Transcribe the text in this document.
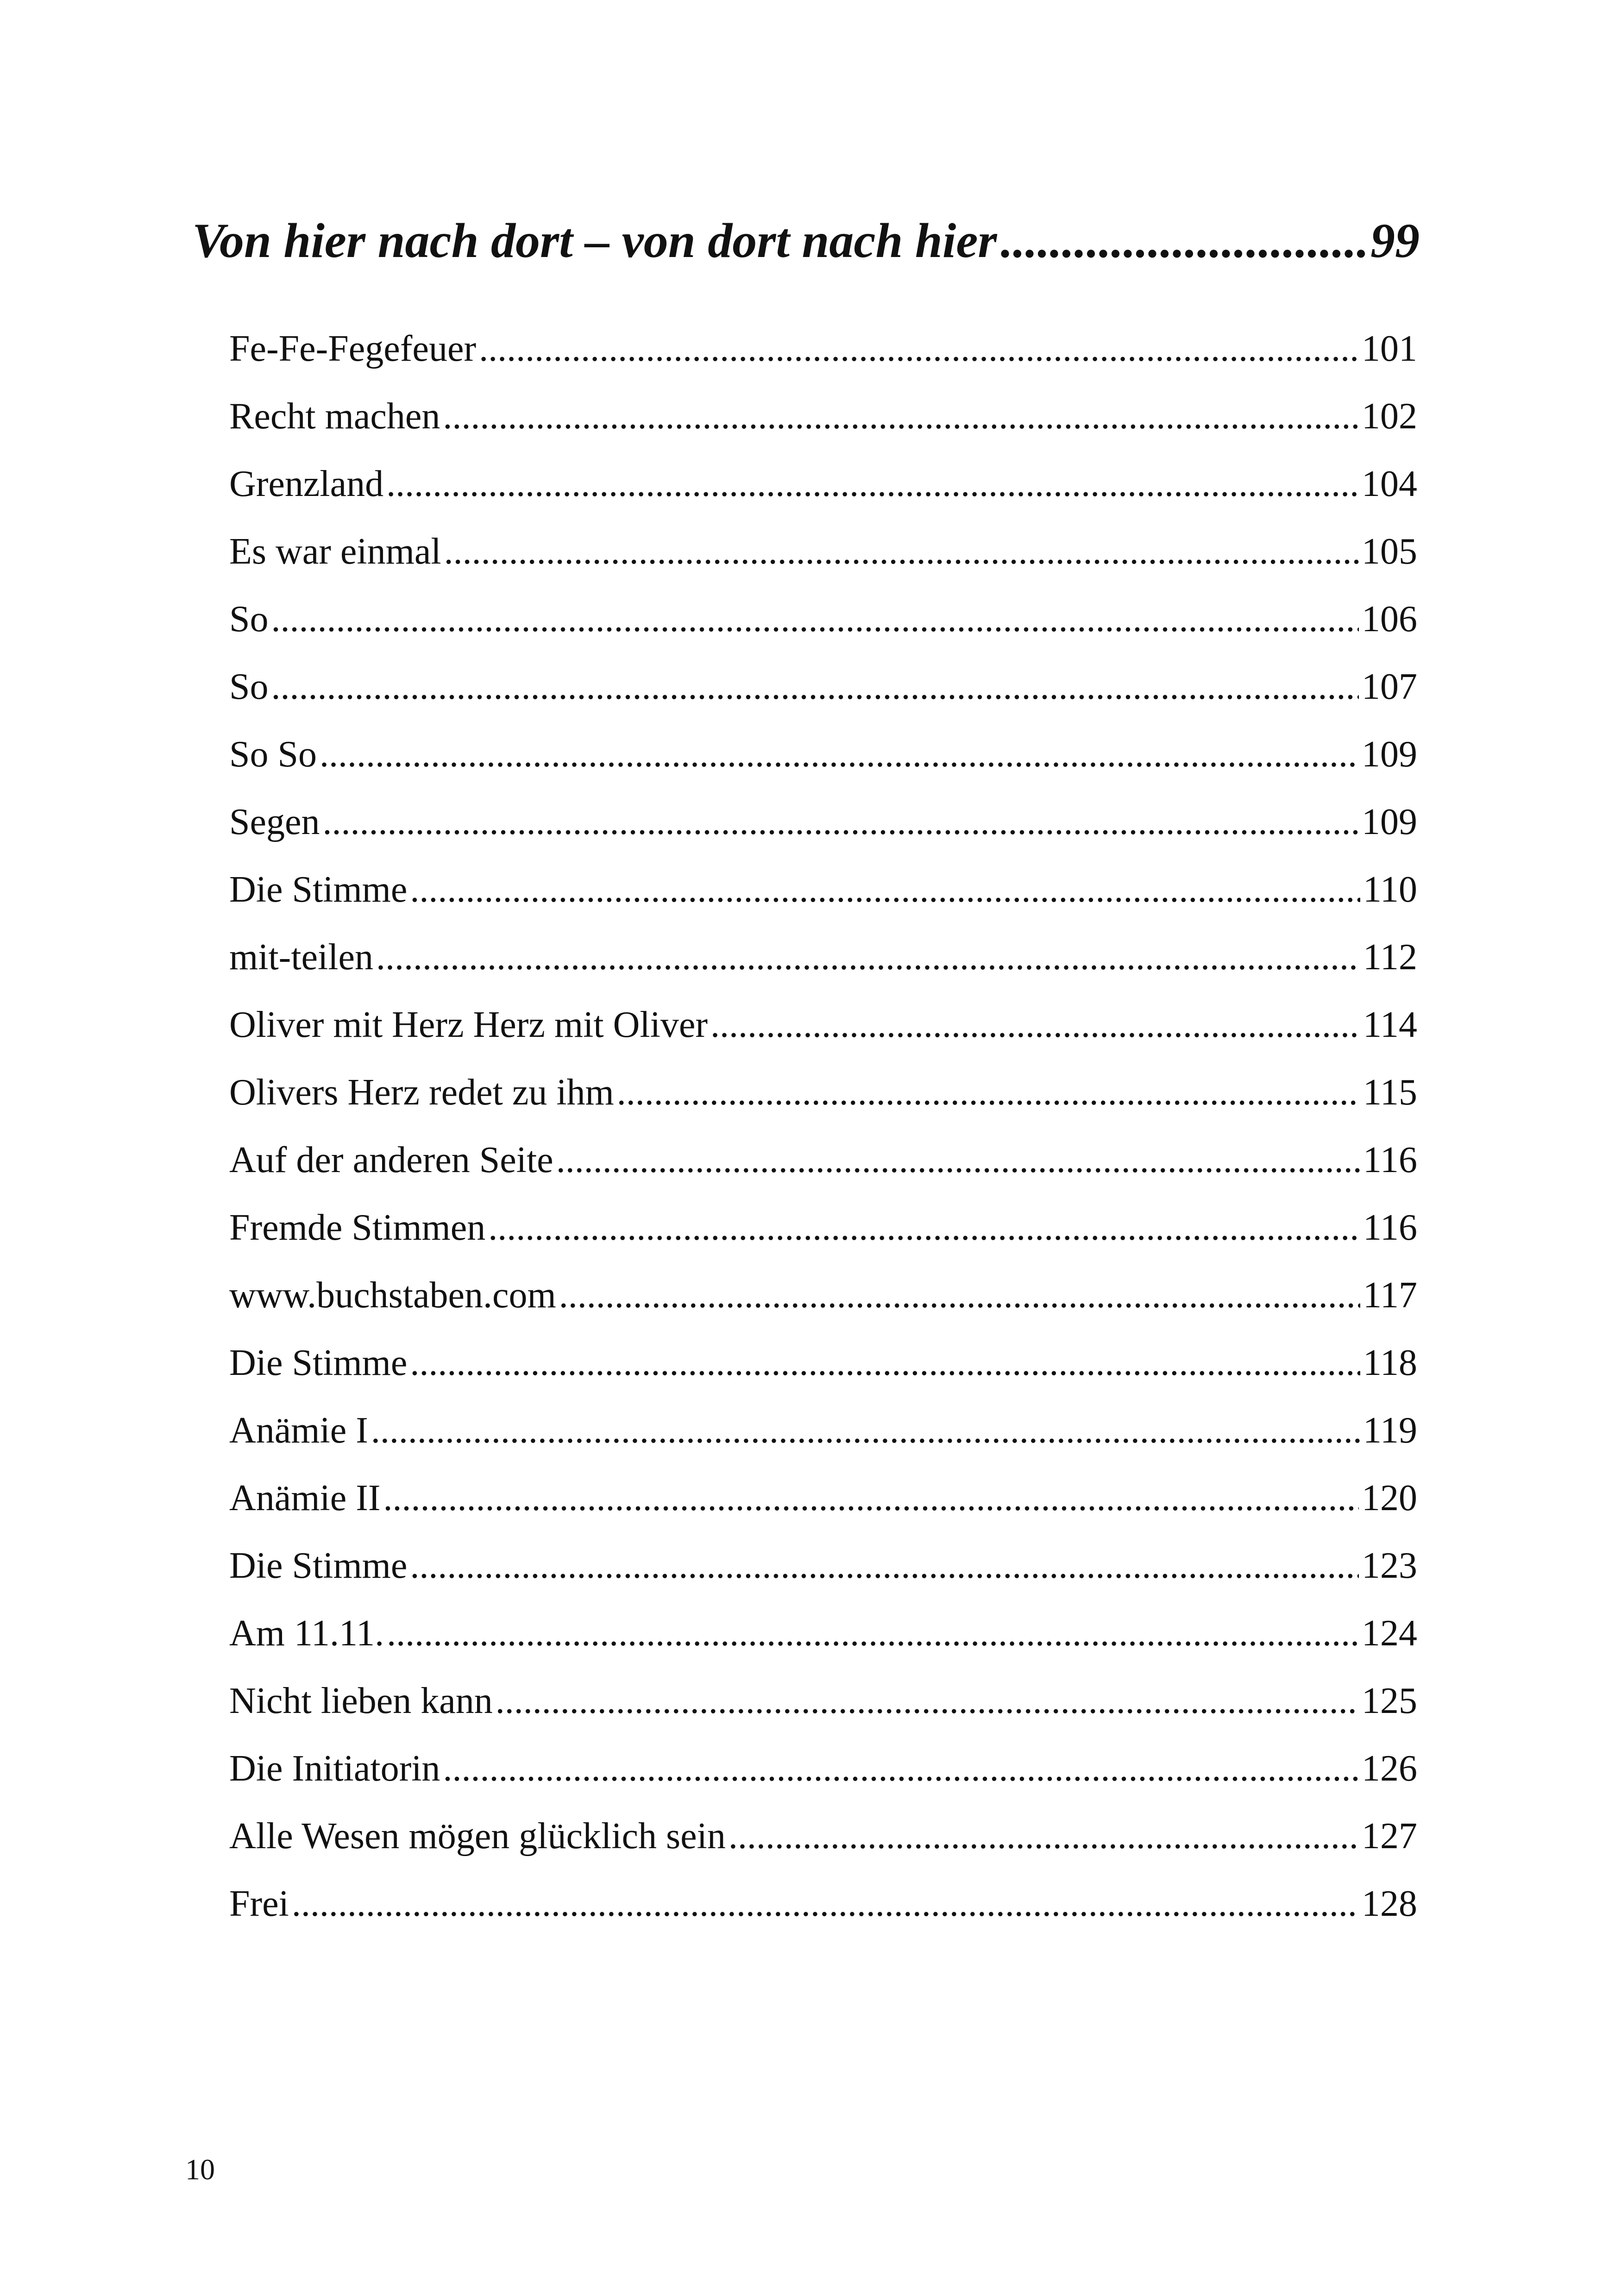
Von hier nach dort – von dort nach hier .....	99
Fe-Fe-Fegefeuer .....	101
Recht machen .....	102
Grenzland .....	104
Es war einmal .....	105
So .....	106
So .....	107
So So .....	109
Segen .....	109
Die Stimme .....	110
mit-teilen .....	112
Oliver mit Herz Herz mit Oliver .....	114
Olivers Herz redet zu ihm .....	115
Auf der anderen Seite .....	116
Fremde Stimmen .....	116
www.buchstaben.com .....	117
Die Stimme .....	118
Anämie I .....	119
Anämie II .....	120
Die Stimme .....	123
Am 11.11. .....	124
Nicht lieben kann .....	125
Die Initiatorin .....	126
Alle Wesen mögen glücklich sein .....	127
Frei .....	128
10
